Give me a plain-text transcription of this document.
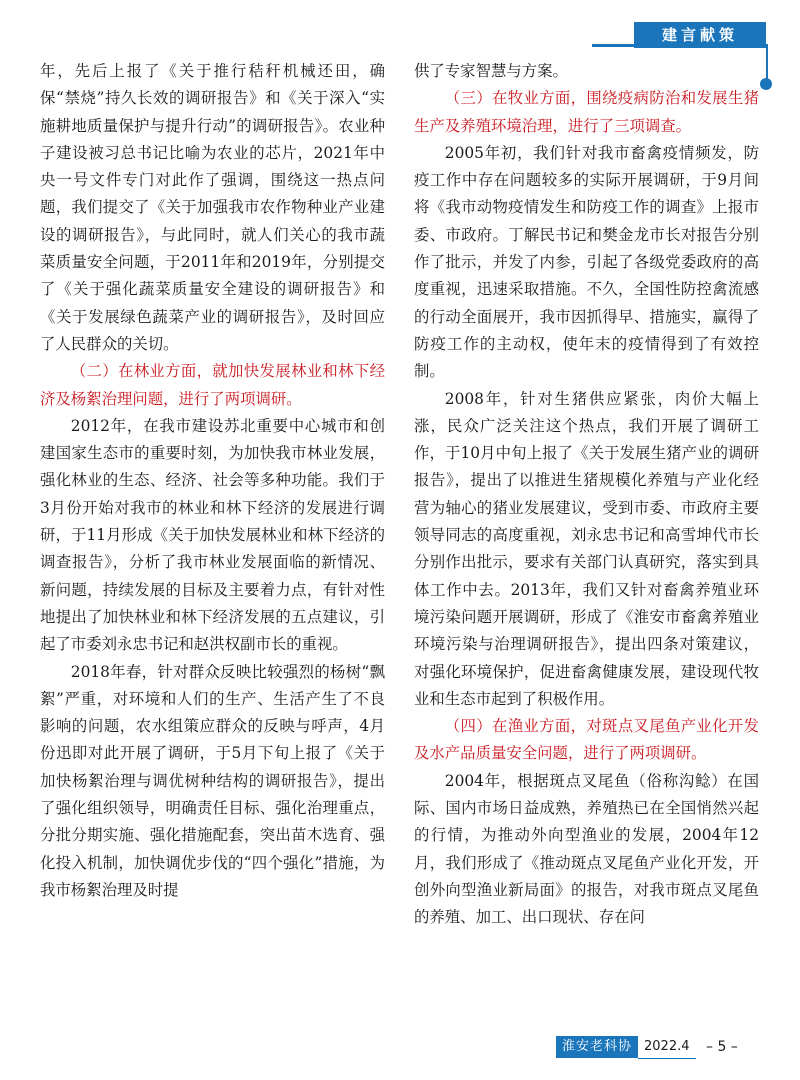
建言献策

年，先后上报了《关于推行秸秆机械还田，确保“禁烧”持久长效的调研报告》和《关于深入“实施耕地质量保护与提升行动”的调研报告》。农业种子建设被习总书记比喻为农业的芯片，2021年中央一号文件专门对此作了强调，围绕这一热点问题，我们提交了《关于加强我市农作物种业产业建设的调研报告》，与此同时，就人们关心的我市蔬菜质量安全问题，于2011年和2019年，分别提交了《关于强化蔬菜质量安全建设的调研报告》和《关于发展绿色蔬菜产业的调研报告》，及时回应了人民群众的关切。

（二）在林业方面，就加快发展林业和林下经济及杨絮治理问题，进行了两项调研。

2012年，在我市建设苏北重要中心城市和创建国家生态市的重要时刻，为加快我市林业发展，强化林业的生态、经济、社会等多种功能。我们于3月份开始对我市的林业和林下经济的发展进行调研，于11月形成《关于加快发展林业和林下经济的调查报告》，分析了我市林业发展面临的新情况、新问题，持续发展的目标及主要着力点，有针对性地提出了加快林业和林下经济发展的五点建议，引起了市委刘永忠书记和赵洪权副市长的重视。

2018年春，针对群众反映比较强烈的杨树“飘絮”严重，对环境和人们的生产、生活产生了不良影响的问题，农水组策应群众的反映与呼声，4月份迅即对此开展了调研，于5月下旬上报了《关于加快杨絮治理与调优树种结构的调研报告》，提出了强化组织领导，明确责任目标、强化治理重点，分批分期实施、强化措施配套，突出苗木选育、强化投入机制，加快调优步伐的“四个强化”措施，为我市杨絮治理及时提

供了专家智慧与方案。

（三）在牧业方面，围绕疫病防治和发展生猪生产及养殖环境治理，进行了三项调查。

2005年初，我们针对我市畜禽疫情频发，防疫工作中存在问题较多的实际开展调研，于9月间将《我市动物疫情发生和防疫工作的调查》上报市委、市政府。丁解民书记和樊金龙市长对报告分别作了批示，并发了内参，引起了各级党委政府的高度重视，迅速采取措施。不久，全国性防控禽流感的行动全面展开，我市因抓得早、措施实，赢得了防疫工作的主动权，使年末的疫情得到了有效控制。

2008年，针对生猪供应紧张，肉价大幅上涨，民众广泛关注这个热点，我们开展了调研工作，于10月中旬上报了《关于发展生猪产业的调研报告》，提出了以推进生猪规模化养殖与产业化经营为轴心的猪业发展建议，受到市委、市政府主要领导同志的高度重视，刘永忠书记和高雪坤代市长分别作出批示，要求有关部门认真研究，落实到具体工作中去。2013年，我们又针对畜禽养殖业环境污染问题开展调研，形成了《淮安市畜禽养殖业环境污染与治理调研报告》，提出四条对策建议，对强化环境保护，促进畜禽健康发展，建设现代牧业和生态市起到了积极作用。

（四）在渔业方面，对斑点叉尾鱼产业化开发及水产品质量安全问题，进行了两项调研。

2004年，根据斑点叉尾鱼（俗称沟鲶）在国际、国内市场日益成熟，养殖热已在全国悄然兴起的行情，为推动外向型渔业的发展，2004年12月，我们形成了《推动斑点叉尾鱼产业化开发，开创外向型渔业新局面》的报告，对我市斑点叉尾鱼的养殖、加工、出口现状、存在问

淮安老科协 2022.4	– 5 –
